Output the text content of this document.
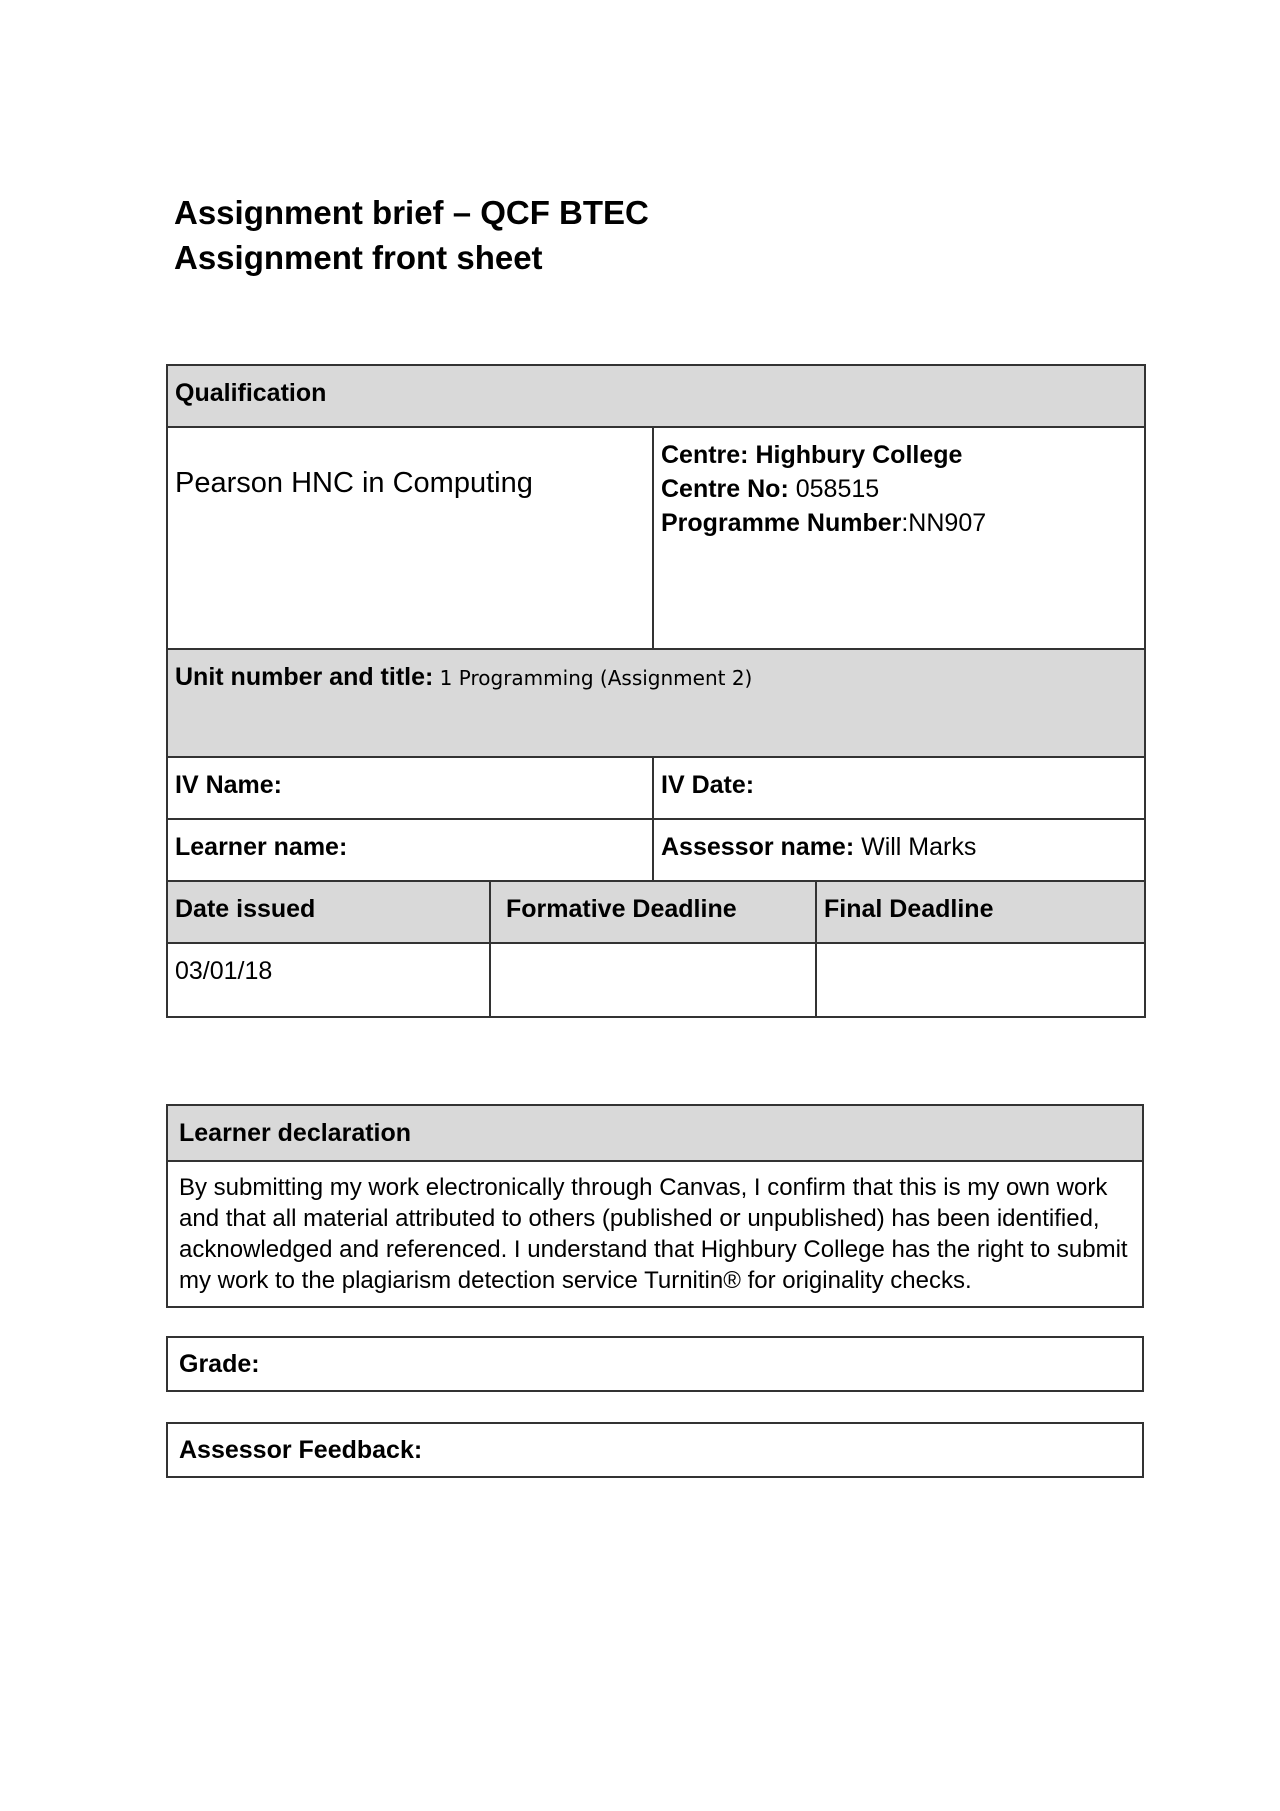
Assignment brief – QCF BTEC
Assignment front sheet
Qualification			
Pearson HNC in Computing		Centre: Highbury College
Centre No: 058515
Programme Number:NN907	

Unit number and title: 1 Programming (Assignment 2)			
IV Name:		IV Date:	
Learner name:		Assessor name: Will Marks	
Date issued	Formative Deadline		Final Deadline
03/01/18			
Learner declaration
By submitting my work electronically through Canvas, I confirm that this is my own work and that all material attributed to others (published or unpublished) has been identified, acknowledged and referenced. I understand that Highbury College has the right to submit my work to the plagiarism detection service Turnitin® for originality checks.
Grade:
Assessor Feedback:
